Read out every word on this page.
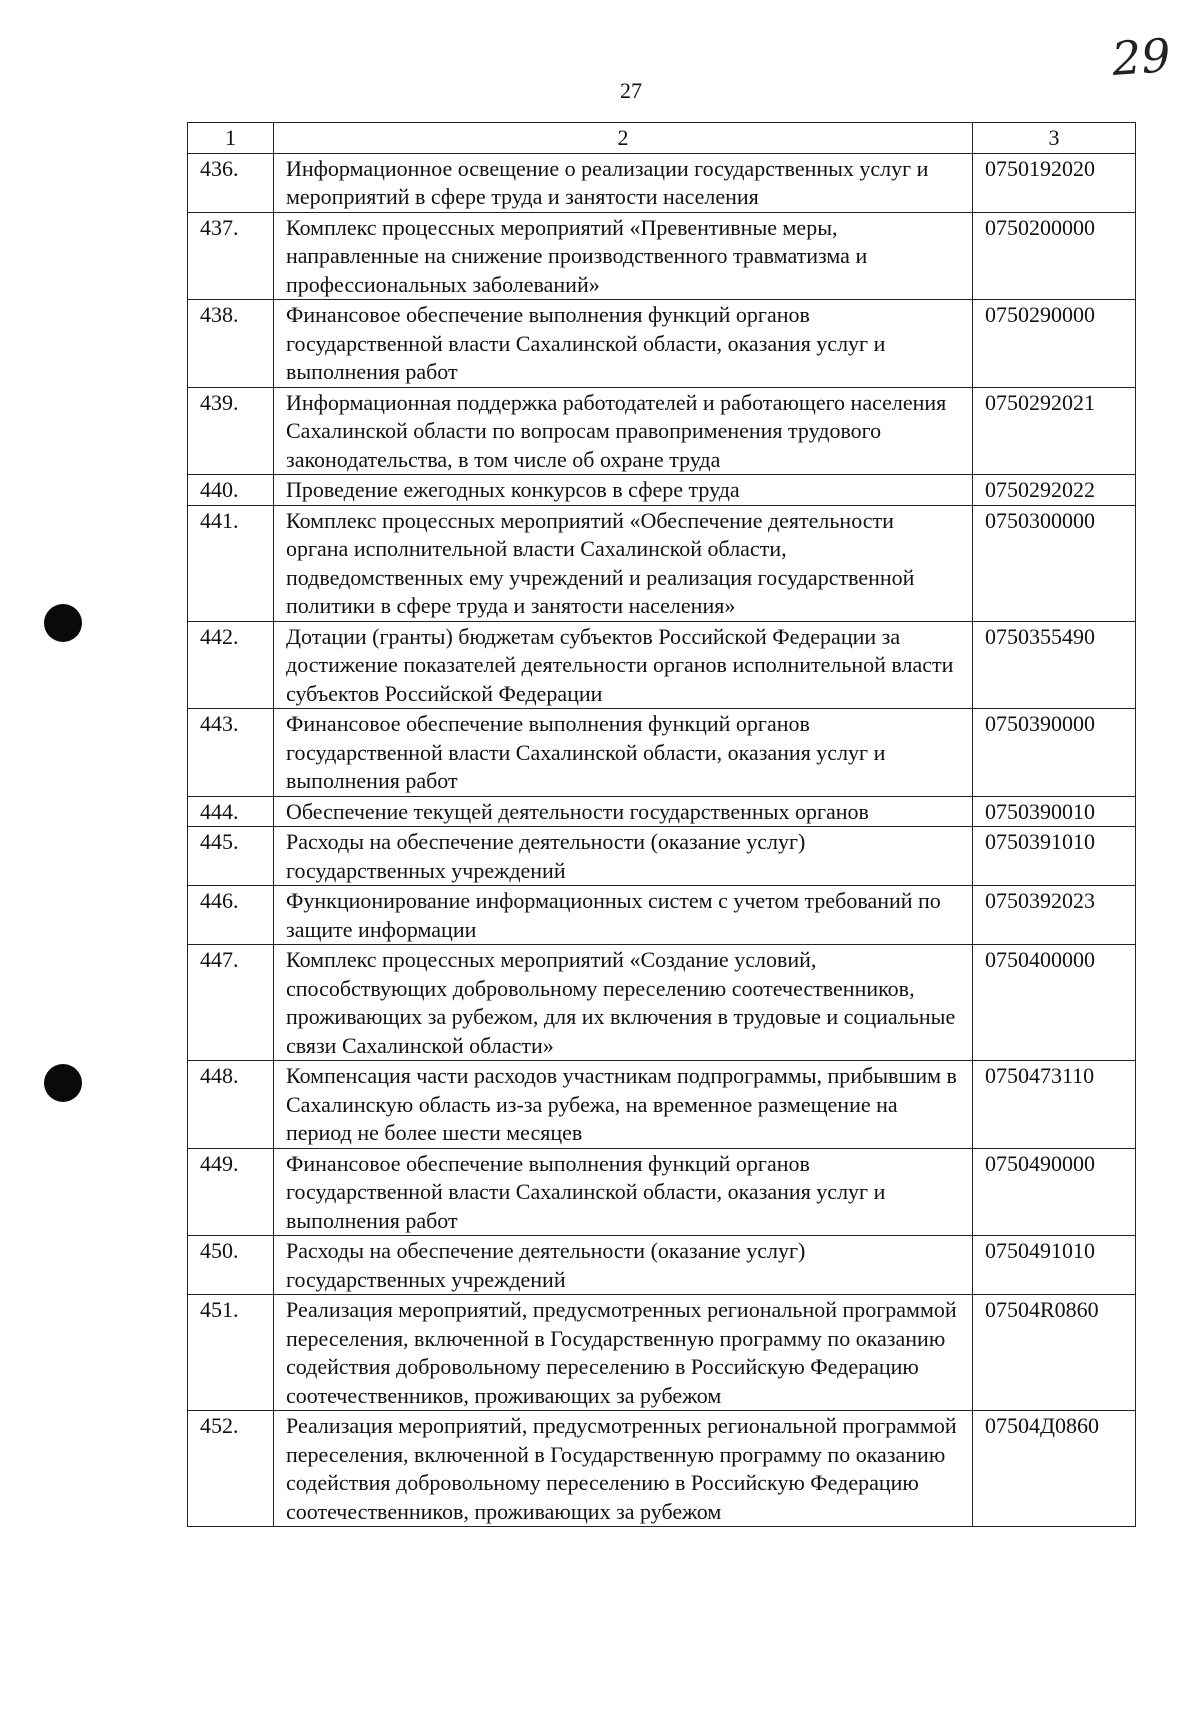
27
29
1	2	3
436.	Информационное освещение о реализации государственных услуг и мероприятий в сфере труда и занятости населения	0750192020
437.	Комплекс процессных мероприятий «Превентивные меры, направленные на снижение производственного травматизма и профессиональных заболеваний»	0750200000
438.	Финансовое обеспечение выполнения функций органов государственной власти Сахалинской области, оказания услуг и выполнения работ	0750290000
439.	Информационная поддержка работодателей и работающего населения Сахалинской области по вопросам правоприменения трудового законодательства, в том числе об охране труда	0750292021
440.	Проведение ежегодных конкурсов в сфере труда	0750292022
441.	Комплекс процессных мероприятий «Обеспечение деятельности органа исполнительной власти Сахалинской области, подведомственных ему учреждений и реализация государственной политики в сфере труда и занятости населения»	0750300000
442.	Дотации (гранты) бюджетам субъектов Российской Федерации за достижение показателей деятельности органов исполнительной власти субъектов Российской Федерации	0750355490
443.	Финансовое обеспечение выполнения функций органов государственной власти Сахалинской области, оказания услуг и выполнения работ	0750390000
444.	Обеспечение текущей деятельности государственных органов	0750390010
445.	Расходы на обеспечение деятельности (оказание услуг) государственных учреждений	0750391010
446.	Функционирование информационных систем с учетом требований по защите информации	0750392023
447.	Комплекс процессных мероприятий «Создание условий, способствующих добровольному переселению соотечественников, проживающих за рубежом, для их включения в трудовые и социальные связи Сахалинской области»	0750400000
448.	Компенсация части расходов участникам подпрограммы, прибывшим в Сахалинскую область из-за рубежа, на временное размещение на период не более шести месяцев	0750473110
449.	Финансовое обеспечение выполнения функций органов государственной власти Сахалинской области, оказания услуг и выполнения работ	0750490000
450.	Расходы на обеспечение деятельности (оказание услуг) государственных учреждений	0750491010
451.	Реализация мероприятий, предусмотренных региональной программой переселения, включенной в Государственную программу по оказанию содействия добровольному переселению в Российскую Федерацию соотечественников, проживающих за рубежом	07504R0860
452.	Реализация мероприятий, предусмотренных региональной программой переселения, включенной в Государственную программу по оказанию содействия добровольному переселению в Российскую Федерацию соотечественников, проживающих за рубежом	07504Д0860
